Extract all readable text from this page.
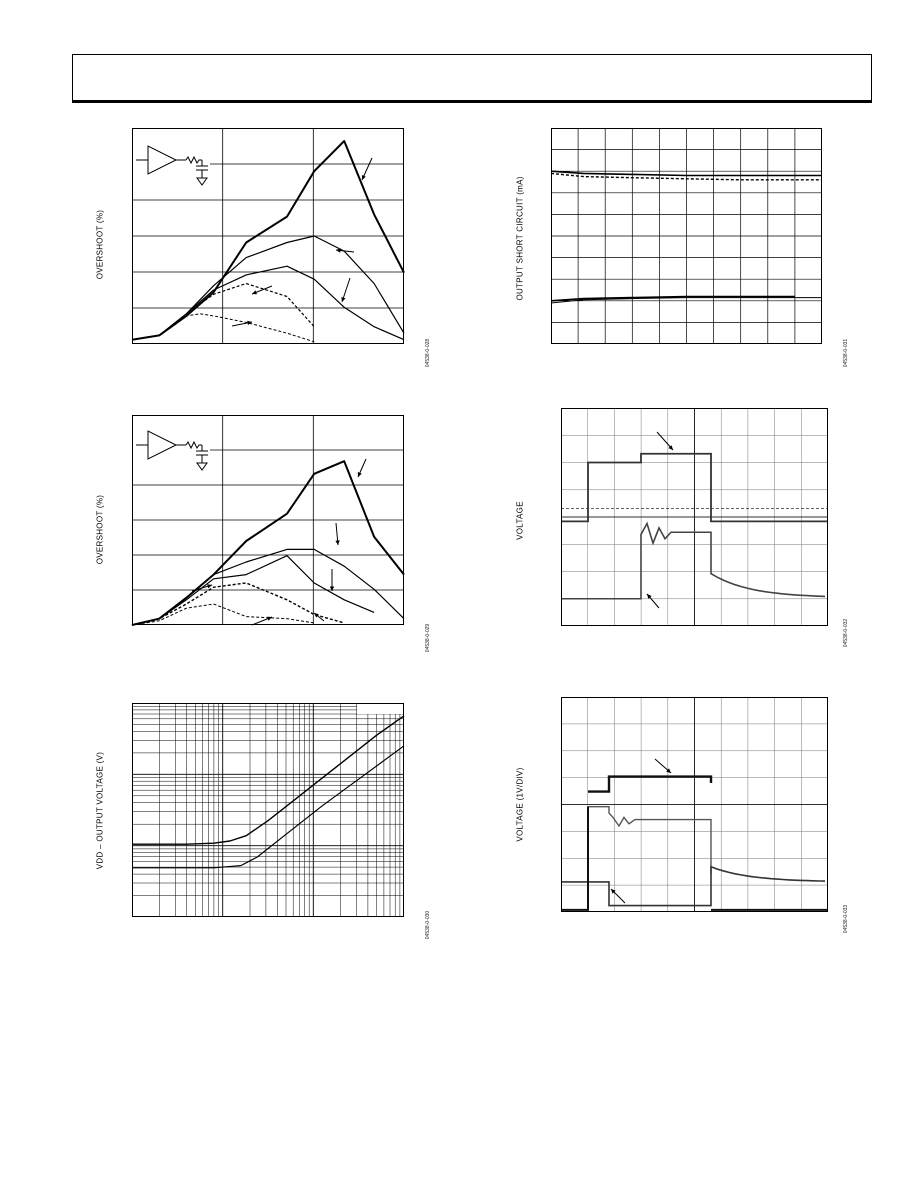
OVERSHOOT (%)
04538-0-028
OUTPUT SHORT CIRCUIT (mA)
04538-0-031
OVERSHOOT (%)
04538-0-029
VOLTAGE
04538-0-032
VDD – OUTPUT VOLTAGE (V)
04538-0-030
VOLTAGE (1V/DIV)
04538-0-033
